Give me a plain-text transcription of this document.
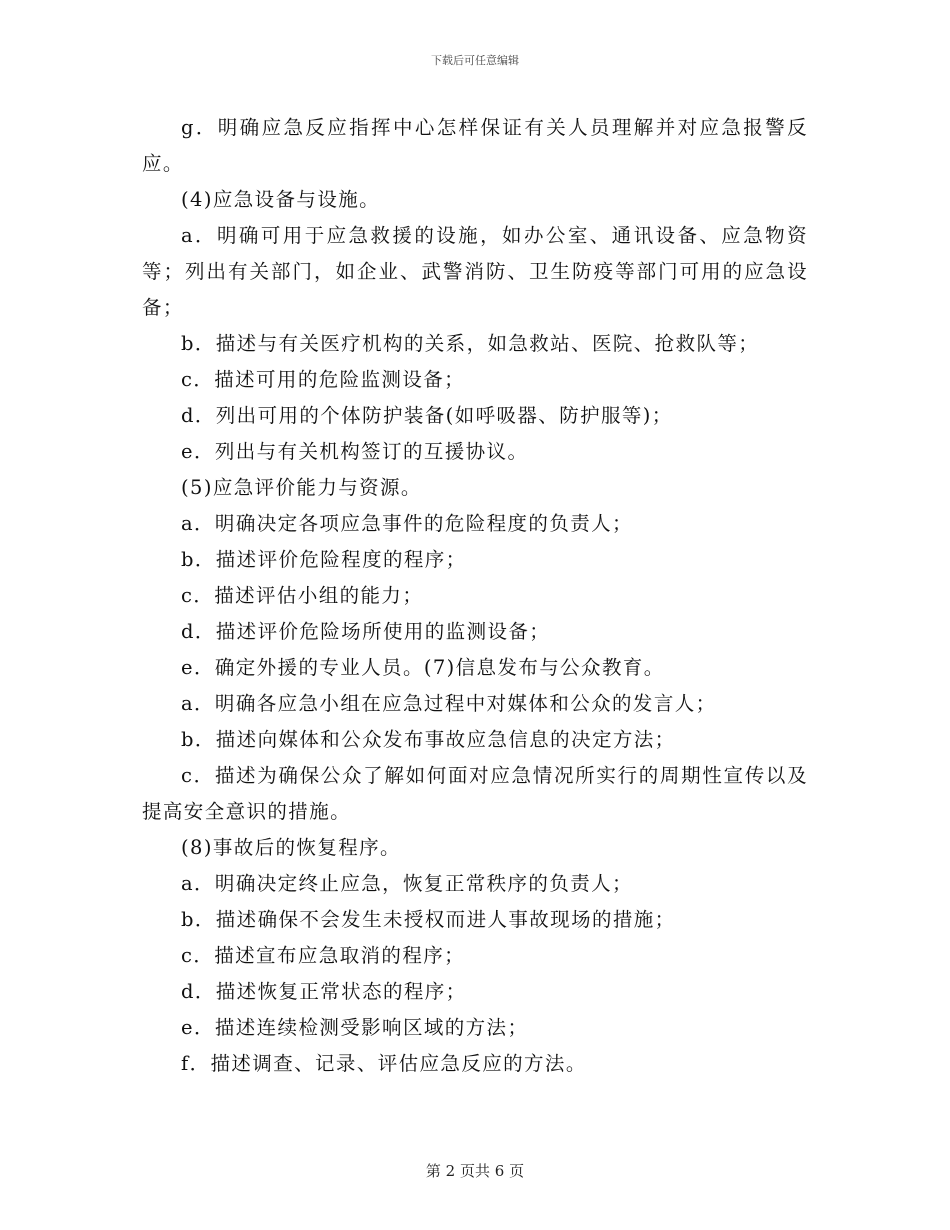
下载后可任意编辑

g．明确应急反应指挥中心怎样保证有关人员理解并对应急报警反应。

(4)应急设备与设施。

a．明确可用于应急救援的设施，如办公室、通讯设备、应急物资等；列出有关部门，如企业、武警消防、卫生防疫等部门可用的应急设备；

b．描述与有关医疗机构的关系，如急救站、医院、抢救队等；

c．描述可用的危险监测设备；

d．列出可用的个体防护装备(如呼吸器、防护服等)；

e．列出与有关机构签订的互援协议。

(5)应急评价能力与资源。

a．明确决定各项应急事件的危险程度的负责人；

b．描述评价危险程度的程序；

c．描述评估小组的能力；

d．描述评价危险场所使用的监测设备；

e．确定外援的专业人员。(7)信息发布与公众教育。

a．明确各应急小组在应急过程中对媒体和公众的发言人；

b．描述向媒体和公众发布事故应急信息的决定方法；

c．描述为确保公众了解如何面对应急情况所实行的周期性宣传以及提高安全意识的措施。

(8)事故后的恢复程序。

a．明确决定终止应急，恢复正常秩序的负责人；

b．描述确保不会发生未授权而进人事故现场的措施；

c．描述宣布应急取消的程序；

d．描述恢复正常状态的程序；

e．描述连续检测受影响区域的方法；

f．描述调查、记录、评估应急反应的方法。

第 2 页共 6 页
